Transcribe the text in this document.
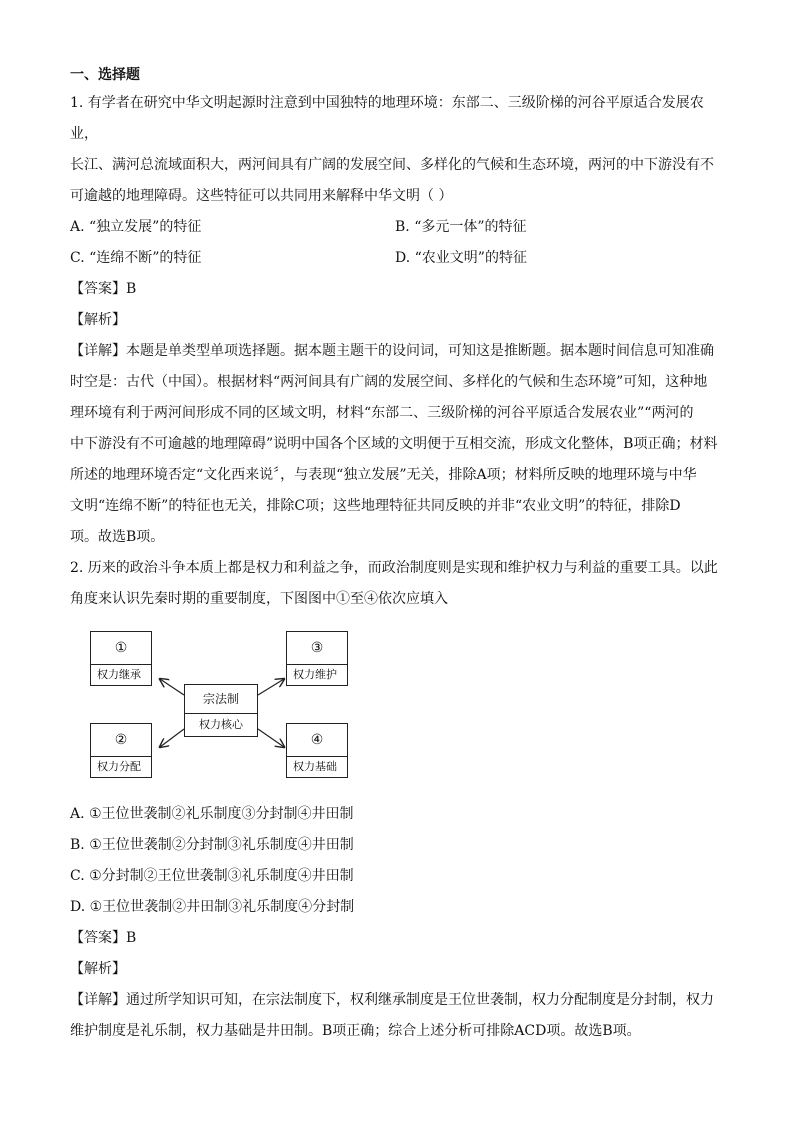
一、选择题

1. 有学者在研究中华文明起源时注意到中国独特的地理环境：东部二、三级阶梯的河谷平原适合发展农业，

长江、满河总流域面积大，两河间具有广阔的发展空间、多样化的气候和生态环境，两河的中下游没有不

可逾越的地理障碍。这些特征可以共同用来解释中华文明（ ）

A. “独立发展”的特征	B. “多元一体”的特征
C. “连绵不断”的特征	D. “农业文明”的特征
【答案】B
【解析】

【详解】本题是单类型单项选择题。据本题主题干的设问词，可知这是推断题。据本题时间信息可知准确

时空是：古代（中国）。根据材料“两河间具有广阔的发展空间、多样化的气候和生态环境”可知，这种地

理环境有利于两河间形成不同的区域文明，材料“东部二、三级阶梯的河谷平原适合发展农业”“两河的

中下游没有不可逾越的地理障碍”说明中国各个区域的文明便于互相交流，形成文化整体，B项正确；材料

所述的地理环境否定“文化西来说〞，与表现“独立发展”无关，排除A项；材料所反映的地理环境与中华

文明“连绵不断”的特征也无关，排除C项；这些地理特征共同反映的并非“农业文明”的特征，排除D

项。故选B项。

2. 历来的政治斗争本质上都是权力和利益之争，而政治制度则是实现和维护权力与利益的重要工具。以此

角度来认识先秦时期的重要制度，下图图中①至④依次应填入

①
权力继承
②
权力分配
③
权力维护
④
权力基础
宗法制
权力核心

A. ①王位世袭制②礼乐制度③分封制④井田制

B. ①王位世袭制②分封制③礼乐制度④井田制

C. ①分封制②王位世袭制③礼乐制度④井田制

D. ①王位世袭制②井田制③礼乐制度④分封制

【答案】B
【解析】

【详解】通过所学知识可知，在宗法制度下，权利继承制度是王位世袭制，权力分配制度是分封制，权力

维护制度是礼乐制，权力基础是井田制。B项正确；综合上述分析可排除ACD项。故选B项。
